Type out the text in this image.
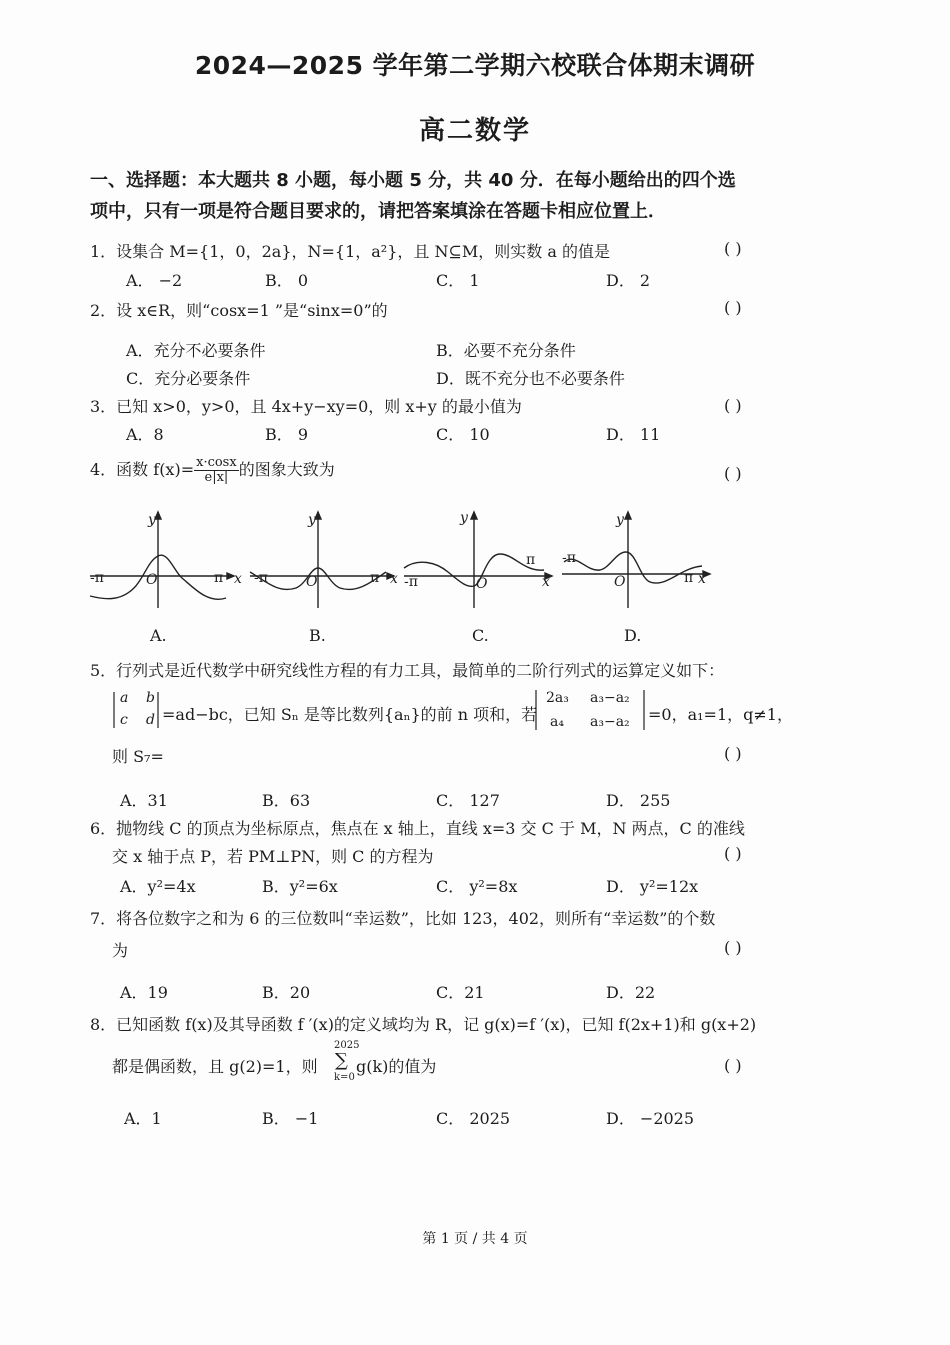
2024—2025 学年第二学期六校联合体期末调研
高二数学
一、选择题：本大题共 8 小题，每小题 5 分，共 40 分．在每小题给出的四个选
项中，只有一项是符合题目要求的，请把答案填涂在答题卡相应位置上．
1．设集合 M={1，0，2a}，N={1，a²}，且 N⊆M，则实数 a 的值是	( )
A． −2	B． 0	C． 1	D． 2
2．设 x∈R，则“cosx=1 ”是“sinx=0”的	( )
A．充分不必要条件	B．必要不充分条件
C．充分必要条件	D．既不充分也不必要条件
3．已知 x>0，y>0，且 4x+y−xy=0，则 x+y 的最小值为	( )
A．8	B． 9	C． 10	D． 11
4．函数 $f(x)= \frac{x\cdot\cos x}{e|x|}$ 的图象大致为	( )
-π	π x
O
y
-π	π x
O
y
-π
π
x
O
y
-π
π x
O
y
A.	B.	C.	D.
5．行列式是近代数学中研究线性方程的有力工具，最简单的二阶行列式的运算定义如下：
a b
c d =ad−bc，已知 Sₙ 是等比数列{aₙ}的前 n 项和，若
2a₃ a₃−a₂
a₄ a₃−a₂ =0，a₁=1，q≠1，
则 S₇=	( )
A．31	B．63	C． 127	D． 255
6．抛物线 C 的顶点为坐标原点，焦点在 x 轴上，直线 x=3 交 C 于 M，N 两点，C 的准线
交 x 轴于点 P，若 PM⊥PN，则 C 的方程为	( )
A．y²=4x	B．y²=6x	C． y²=8x	D． y²=12x
7．将各位数字之和为 6 的三位数叫“幸运数”，比如 123，402，则所有“幸运数”的个数
为	( )
A．19	B．20	C．21	D．22
8．已知函数 f(x)及其导函数 f ′(x)的定义域均为 R，记 g(x)=f ′(x)，已知 f(2x+1)和 g(x+2)
都是偶函数，且 g(2)=1，则
2025
∑
k=0
g(k)的值为	( )
A．1	B． −1	C． 2025	D． −2025
第 1 页 / 共 4 页
